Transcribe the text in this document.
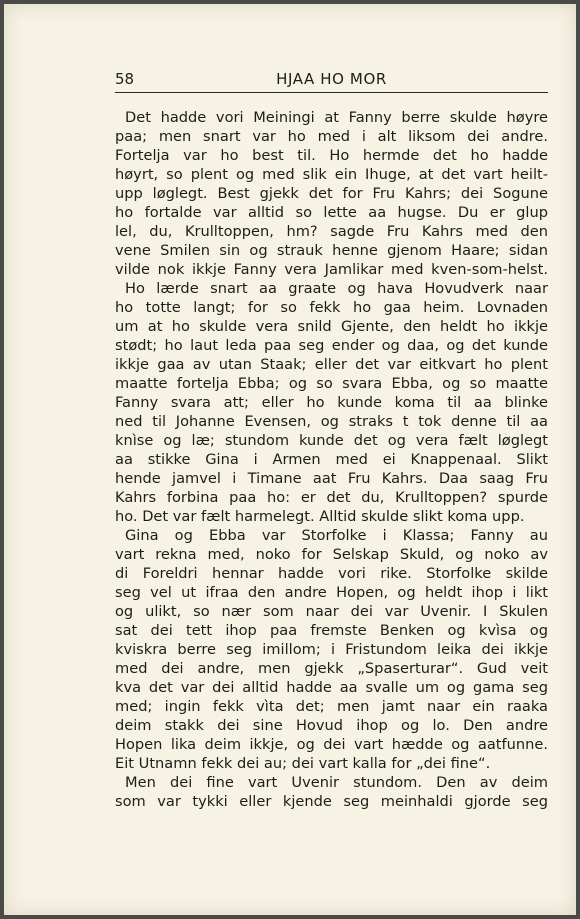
58	HJAA HO MOR
Det hadde vori Meiningi at Fanny berre skulde høyre
paa; men snart var ho med i alt liksom dei andre.
Fortelja var ho best til. Ho hermde det ho hadde
høyrt, so plent og med slik ein Ihuge, at det vart heilt-
upp løglegt. Best gjekk det for Fru Kahrs; dei Sogune
ho fortalde var alltid so lette aa hugse. Du er glup
lel, du, Krulltoppen, hm? sagde Fru Kahrs med den
vene Smilen sin og strauk henne gjenom Haare; sidan
vilde nok ikkje Fanny vera Jamlikar med kven-som-helst.
Ho lærde snart aa graate og hava Hovudverk naar
ho totte langt; for so fekk ho gaa heim. Lovnaden
um at ho skulde vera snild Gjente, den heldt ho ikkje
stødt; ho laut leda paa seg ender og daa, og det kunde
ikkje gaa av utan Staak; eller det var eitkvart ho plent
maatte fortelja Ebba; og so svara Ebba, og so maatte
Fanny svara att; eller ho kunde koma til aa blinke
ned til Johanne Evensen, og straks t tok denne til aa
knìse og læ; stundom kunde det og vera fælt løglegt
aa stikke Gina i Armen med ei Knappenaal. Slikt
hende jamvel i Timane aat Fru Kahrs. Daa saag Fru
Kahrs forbina paa ho: er det du, Krulltoppen? spurde
ho. Det var fælt harmelegt. Alltid skulde slikt koma upp.
Gina og Ebba var Storfolke i Klassa; Fanny au
vart rekna med, noko for Selskap Skuld, og noko av
di Foreldri hennar hadde vori rike. Storfolke skilde
seg vel ut ifraa den andre Hopen, og heldt ihop i likt
og ulikt, so nær som naar dei var Uvenir. I Skulen
sat dei tett ihop paa fremste Benken og kvìsa og
kviskra berre seg imillom; i Fristundom leika dei ikkje
med dei andre, men gjekk „Spaserturar“. Gud veit
kva det var dei alltid hadde aa svalle um og gama seg
med; ingin fekk vìta det; men jamt naar ein raaka
deim stakk dei sine Hovud ihop og lo. Den andre
Hopen lika deim ikkje, og dei vart hædde og aatfunne.
Eit Utnamn fekk dei au; dei vart kalla for „dei fine“.
Men dei fine vart Uvenir stundom. Den av deim
som var tykki eller kjende seg meinhaldi gjorde seg
